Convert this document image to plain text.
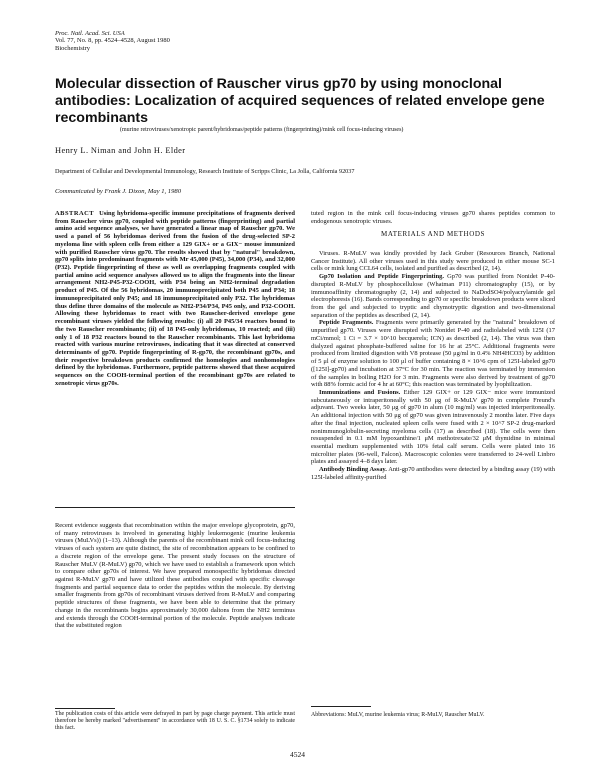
Proc. Natl. Acad. Sci. USA
Vol. 77, No. 8, pp. 4524–4528, August 1980
Biochemistry
Molecular dissection of Rauscher virus gp70 by using monoclonal antibodies: Localization of acquired sequences of related envelope gene recombinants
(murine retroviruses/xenotropic parent/hybridomas/peptide patterns (fingerprinting)/mink cell focus-inducing viruses)
Henry L. Niman and John H. Elder
Department of Cellular and Developmental Immunology, Research Institute of Scripps Clinic, La Jolla, California 92037
Communicated by Frank J. Dixon, May 1, 1980

ABSTRACT Using hybridoma-specific immune precipitations of fragments derived from Rauscher virus gp70, coupled with peptide patterns (fingerprinting) and partial amino acid sequence analyses, we have generated a linear map of Rauscher gp70. We used a panel of 56 hybridomas derived from the fusion of the drug-selected SP-2 myeloma line with spleen cells from either a 129 GIX+ or a GIX− mouse immunized with purified Rauscher virus gp70. The results showed that by "natural" breakdown, gp70 splits into predominant fragments with Mr 45,000 (P45), 34,000 (P34), and 32,000 (P32). Peptide fingerprinting of these as well as overlapping fragments coupled with partial amino acid sequence analyses allowed us to align the fragments into the linear arrangement NH2-P45-P32-COOH, with P34 being an NH2-terminal degradation product of P45. Of the 56 hybridomas, 20 immunoprecipitated both P45 and P34; 18 immunoprecipitated only P45; and 18 immunoprecipitated only P32. The hybridomas thus define three domains of the molecule as NH2-P34/P34, P45 only, and P32-COOH. Allowing these hybridomas to react with two Rauscher-derived envelope gene recombinant viruses yielded the following results: (i) all 20 P45/34 reactors bound to the two Rauscher recombinants; (ii) of 18 P45-only hybridomas, 10 reacted; and (iii) only 1 of 18 P32 reactors bound to the Rauscher recombinants. This last hybridoma reacted with various murine retroviruses, indicating that it was directed at conserved determinants of gp70. Peptide fingerprinting of R-gp70, the recombinant gp70s, and their respective breakdown products confirmed the homologies and nonhomologies defined by the hybridomas. Furthermore, peptide patterns showed that these acquired sequences on the COOH-terminal portion of the recombinant gp70s are related to xenotropic virus gp70s.

Recent evidence suggests that recombination within the major envelope glycoprotein, gp70, of many retroviruses is involved in generating highly leukemogenic (murine leukemia viruses (MuLVs)) (1–13). Although the parents of the recombinant mink cell focus-inducing viruses of each system are quite distinct, the site of recombination appears to be confined to a discrete region of the envelope gene. The present study focuses on the structure of Rauscher MuLV (R-MuLV) gp70, which we have used to establish a framework upon which to compare other gp70s of interest. We have prepared monospecific hybridomas directed against R-MuLV gp70 and have utilized these antibodies coupled with specific cleavage fragments and partial sequence data to order the peptides within the molecule. By deriving smaller fragments from gp70s of recombinant viruses derived from R-MuLV and comparing peptide structures of these fragments, we have been able to determine that the primary change in the recombinants begins approximately 30,000 daltons from the NH2 terminus and extends through the COOH-terminal portion of the molecule. Peptide analyses indicate that the substituted region

The publication costs of this article were defrayed in part by page charge payment. This article must therefore be hereby marked "advertisement" in accordance with 18 U. S. C. §1734 solely to indicate this fact.

tuted region in the mink cell focus-inducing viruses gp70 shares peptides common to endogenous xenotropic viruses.

MATERIALS AND METHODS

Viruses. R-MuLV was kindly provided by Jack Gruber (Resources Branch, National Cancer Institute). All other viruses used in this study were produced in either mouse SC-1 cells or mink lung CCL64 cells, isolated and purified as described (2, 14).

Gp70 Isolation and Peptide Fingerprinting. Gp70 was purified from Nonidet P-40-disrupted R-MuLV by phosphocellulose (Whatman P11) chromatography (15), or by immunoaffinity chromatography (2, 14) and subjected to NaDodSO4/polyacrylamide gel electrophoresis (16). Bands corresponding to gp70 or specific breakdown products were sliced from the gel and subjected to tryptic and chymotryptic digestion and two-dimensional separation of the peptides as described (2, 14).

Peptide Fragments. Fragments were primarily generated by the "natural" breakdown of unpurified gp70. Viruses were disrupted with Nonidet P-40 and radiolabeled with 125I (17 mCi/mmol; 1 Ci = 3.7 × 10^10 becquerels; ICN) as described (2, 14). The virus was then dialyzed against phosphate-buffered saline for 16 hr at 25°C. Additional fragments were produced from limited digestion with V8 protease (50 μg/ml in 0.4% NH4HCO3) by addition of 5 μl of enzyme solution to 100 μl of buffer containing 8 × 10^6 cpm of 125I-labeled gp70 ([125I]-gp70) and incubation at 37°C for 30 min. The reaction was terminated by immersion of the samples in boiling H2O for 3 min. Fragments were also derived by treatment of gp70 with 88% formic acid for 4 hr at 60°C; this reaction was terminated by lyophilization.

Immunizations and Fusions. Either 129 GIX+ or 129 GIX− mice were immunized subcutaneously or intraperitoneally with 50 μg of R-MuLV gp70 in complete Freund's adjuvant. Two weeks later, 50 μg of gp70 in alum (10 mg/ml) was injected interperitoneally. An additional injection with 50 μg of gp70 was given intravenously 2 months later. Five days after the final injection, nucleated spleen cells were fused with 2 × 10^7 SP-2 drug-marked nonimmunoglobulin-secreting myeloma cells (17) as described (18). The cells were then resuspended in 0.1 mM hypoxanthine/1 μM methotrexate/32 μM thymidine in minimal essential medium supplemented with 10% fetal calf serum. Cells were plated into 16 microliter plates (96-well, Falcon). Macroscopic colonies were transferred to 24-well Linbro plates and assayed 4–8 days later.

Antibody Binding Assay. Anti-gp70 antibodies were detected by a binding assay (19) with 125I-labeled affinity-purified

Abbreviations: MuLV, murine leukemia virus; R-MuLV, Rauscher MuLV.
4524
